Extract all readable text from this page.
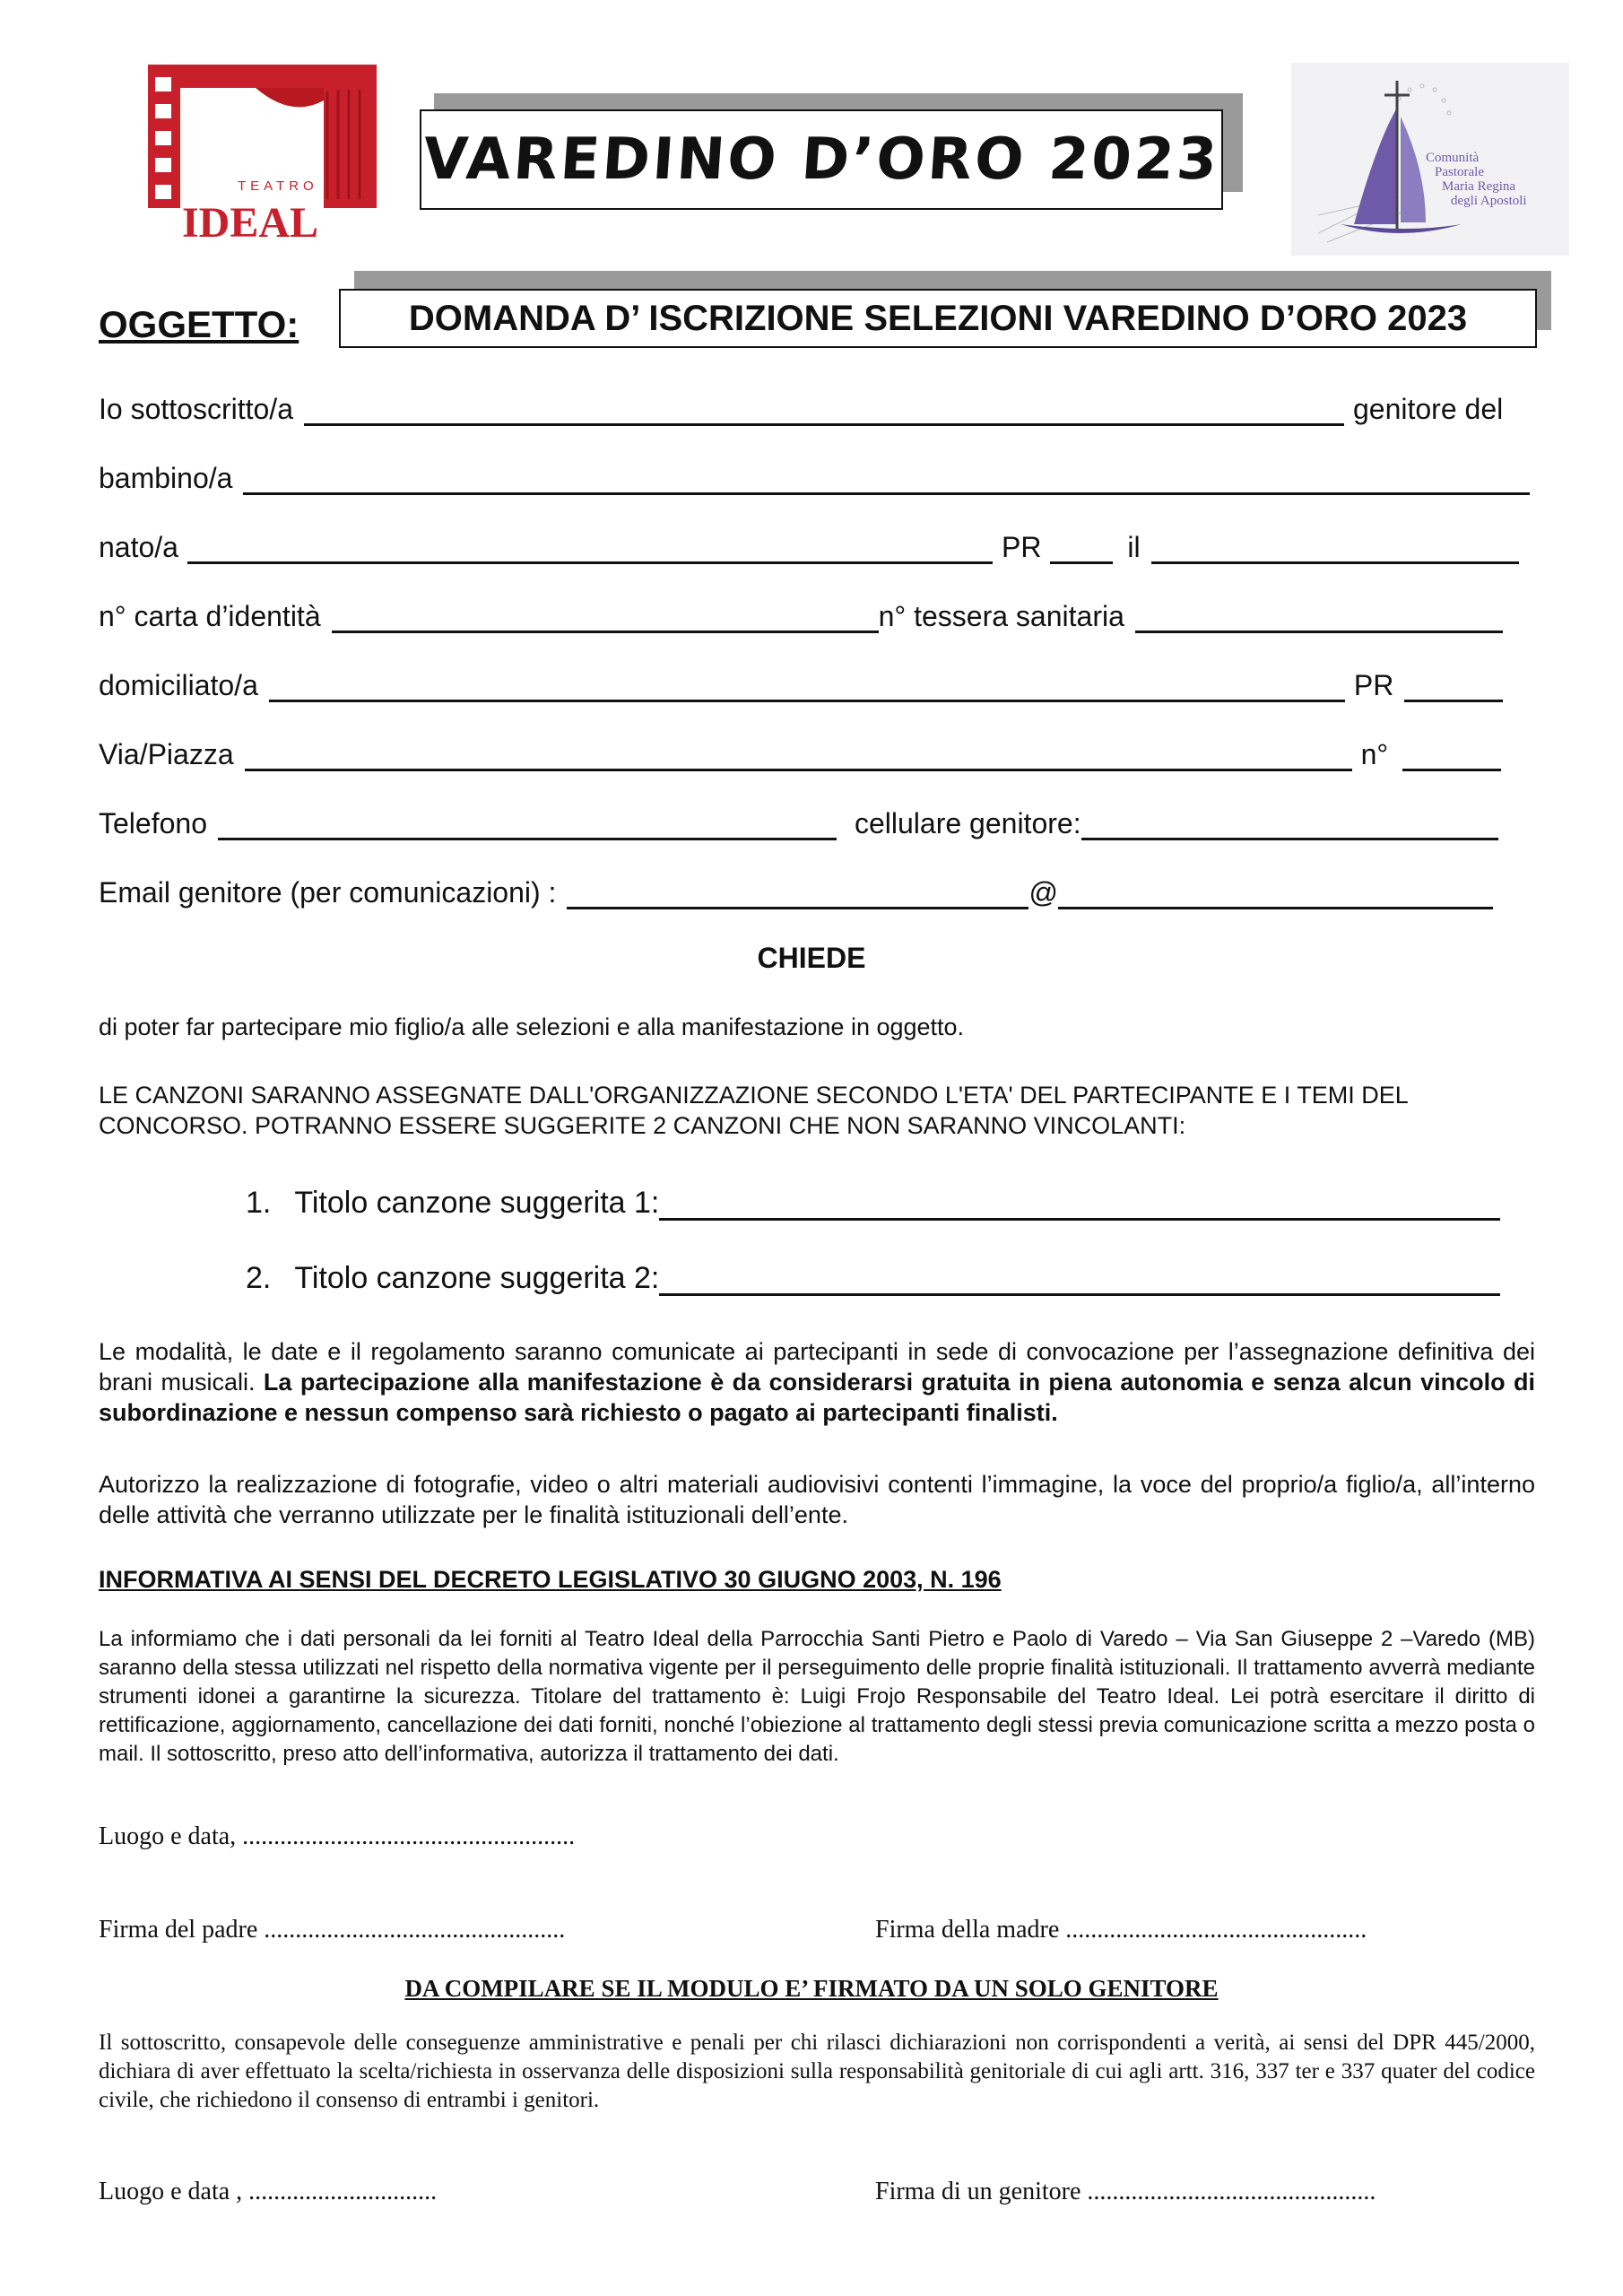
TEATRO
IDEAL
VAREDINO D’ORO 2023	Comunità
Pastorale
Maria Regina
degli Apostoli
OGGETTO:	DOMANDA D’ ISCRIZIONE SELEZIONI VAREDINO D’ORO 2023
Io sottoscritto/a	genitore del
bambino/a
nato/a	PR	il
n° carta d’identità	n° tessera sanitaria
domiciliato/a	PR
Via/Piazza	n°
Telefono	cellulare genitore:
Email genitore (per comunicazioni) :	@
CHIEDE
di poter far partecipare mio figlio/a alle selezioni e alla manifestazione in oggetto.
LE CANZONI SARANNO ASSEGNATE DALL'ORGANIZZAZIONE SECONDO L'ETA' DEL PARTECIPANTE E I TEMI DEL CONCORSO. POTRANNO ESSERE SUGGERITE 2 CANZONI CHE NON SARANNO VINCOLANTI:
1. Titolo canzone suggerita 1:
2. Titolo canzone suggerita 2:
Le modalità, le date e il regolamento saranno comunicate ai partecipanti in sede di convocazione per l’assegnazione definitiva dei brani musicali. La partecipazione alla manifestazione è da considerarsi gratuita in piena autonomia e senza alcun vincolo di subordinazione e nessun compenso sarà richiesto o pagato ai partecipanti finalisti.
Autorizzo la realizzazione di fotografie, video o altri materiali audiovisivi contenti l’immagine, la voce del proprio/a figlio/a, all’interno delle attività che verranno utilizzate per le finalità istituzionali dell’ente.
INFORMATIVA AI SENSI DEL DECRETO LEGISLATIVO 30 GIUGNO 2003, N. 196
La informiamo che i dati personali da lei forniti al Teatro Ideal della Parrocchia Santi Pietro e Paolo di Varedo – Via San Giuseppe 2 –Varedo (MB) saranno della stessa utilizzati nel rispetto della normativa vigente per il perseguimento delle proprie finalità istituzionali. Il trattamento avverrà mediante strumenti idonei a garantirne la sicurezza. Titolare del trattamento è: Luigi Frojo Responsabile del Teatro Ideal. Lei potrà esercitare il diritto di rettificazione, aggiornamento, cancellazione dei dati forniti, nonché l’obiezione al trattamento degli stessi previa comunicazione scritta a mezzo posta o mail. Il sottoscritto, preso atto dell’informativa, autorizza il trattamento dei dati.
Luogo e data, .....................................................
Firma del padre ................................................	Firma della madre ................................................
DA COMPILARE SE IL MODULO E’ FIRMATO DA UN SOLO GENITORE
Il sottoscritto, consapevole delle conseguenze amministrative e penali per chi rilasci dichiarazioni non corrispondenti a verità, ai sensi del DPR 445/2000, dichiara di aver effettuato la scelta/richiesta in osservanza delle disposizioni sulla responsabilità genitoriale di cui agli artt. 316, 337 ter e 337 quater del codice civile, che richiedono il consenso di entrambi i genitori.
Luogo e data , ..............................	Firma di un genitore ..............................................
